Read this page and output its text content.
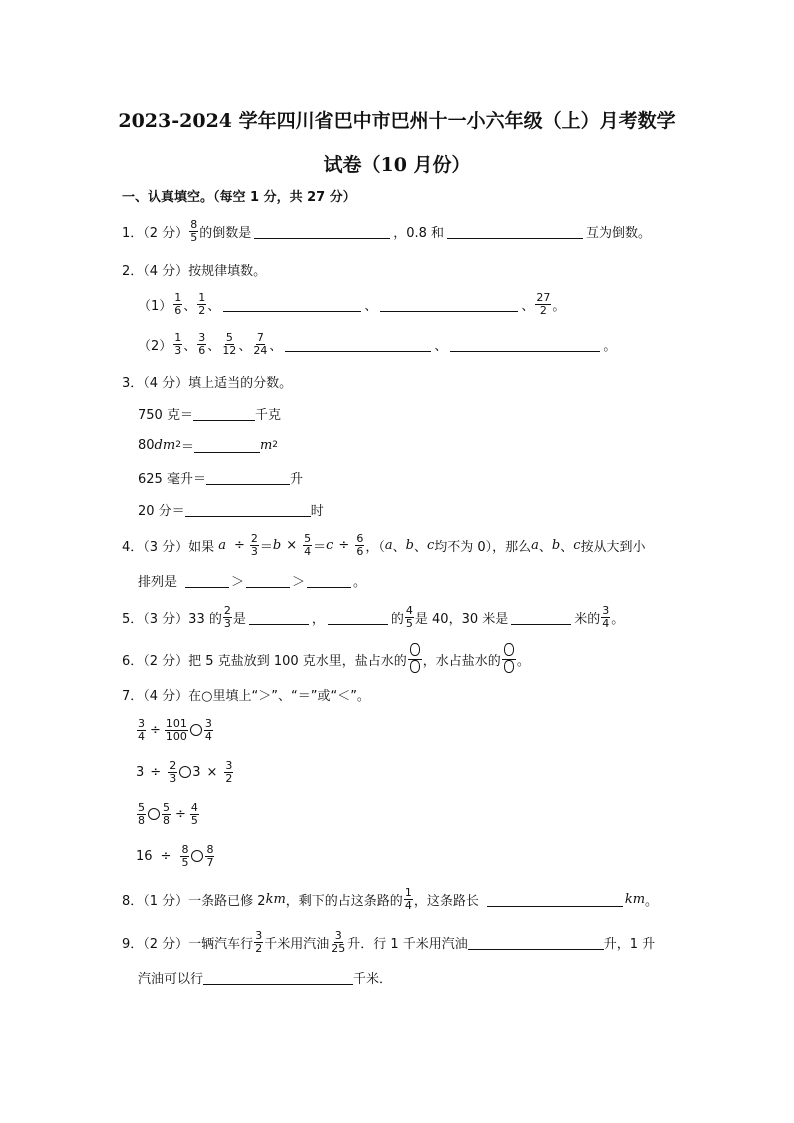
2023-2024 学年四川省巴中市巴州十一小六年级（上）月考数学
试卷（10 月份）
一、认真填空。（每空 1 分，共 27 分）
1．（2 分） $\frac{8}{5}$ 的倒数是	，0.8 和	互为倒数。
2．（4 分）按规律填数。
$(1) \frac{1}{6}$ 、 $\frac{1}{2}$ 、	、	、 $\frac{27}{2}$ 。
$(2) \frac{1}{3}$ 、 $\frac{3}{6}$ 、 $\frac{5}{12}$ 、 $\frac{7}{24}$ 、	、	。
3．（4 分）填上适当的分数。
750 克＝	千克
80 dm 2 ＝	m 2
625 毫升＝	升
20 分＝	时
4．（3 分）如果 $a \div \frac{2}{3} = b \times \frac{5}{4} = c \div \frac{6}{6}$ ，（ a 、 b 、 c 均不为 0），那么 a 、 b 、 c 按从大到小
排列是	＞	＞	。
5．（3 分）33 的 $\frac{2}{3}$ 是	，	的 $\frac{4}{5}$ 是 40，30 米是	米的 $\frac{3}{4}$ 。
6．（2 分）把 5 克盐放到 100 克水里，盐占水的 ，水占盐水的 。
7．（4 分）在○里填上“＞”、“＝”或“＜”。
$\frac{3}{4} \div \frac{101}{100} \frac{3}{4}$
$3 \div \frac{2}{3} 3 \times \frac{3}{2}$
$\frac{5}{8} \frac{5}{8} \div \frac{4}{5}$
$16 \div \frac{8}{5} \frac{8}{7}$
8．（1 分）一条路已修 2 km ，剩下的占这条路的 $\frac{1}{4}$ ，这条路长	km 。
9．（2 分）一辆汽车行 $\frac{3}{2}$ 千米用汽油 $\frac{3}{25}$ 升．行 1 千米用汽油	升，1 升
汽油可以行	千米．
